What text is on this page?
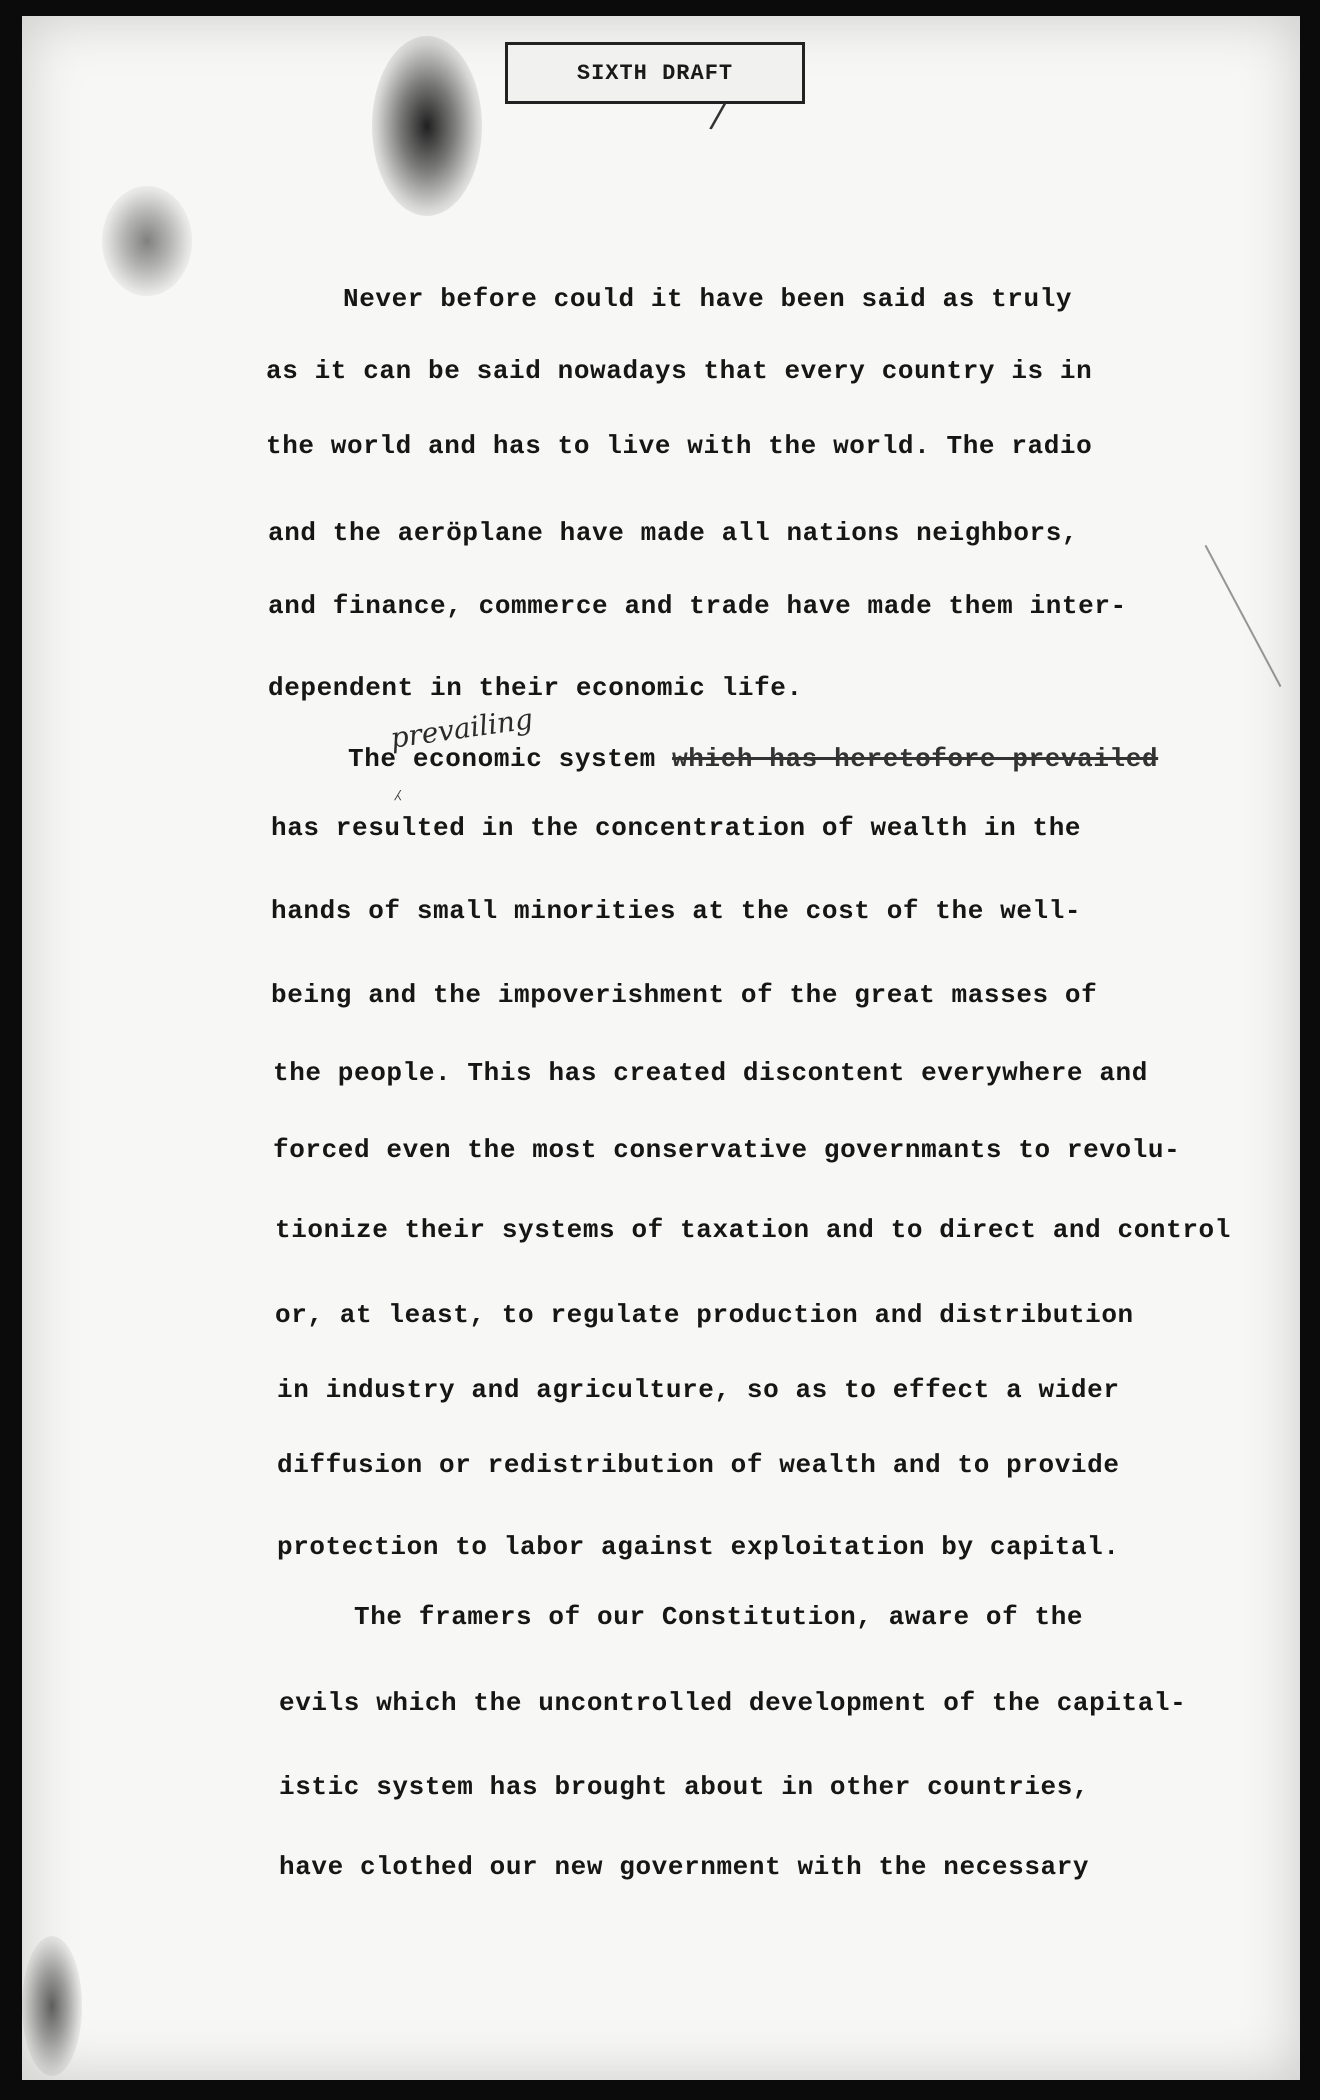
SIXTH DRAFT
/

Never before could it have been said as truly

as it can be said nowadays that every country is in

the world and has to live with the world. The radio

and the aeröplane have made all nations neighbors,

and finance, commerce and trade have made them inter-

dependent in their economic life.

prevailing
⁁

The economic system which has heretofore prevailed

has resulted in the concentration of wealth in the

hands of small minorities at the cost of the well-

being and the impoverishment of the great masses of

the people. This has created discontent everywhere and

forced even the most conservative governmants to revolu-

tionize their systems of taxation and to direct and control

or, at least, to regulate production and distribution

in industry and agriculture, so as to effect a wider

diffusion or redistribution of wealth and to provide

protection to labor against exploitation by capital.

The framers of our Constitution, aware of the

evils which the uncontrolled development of the capital-

istic system has brought about in other countries,

have clothed our new government with the necessary
